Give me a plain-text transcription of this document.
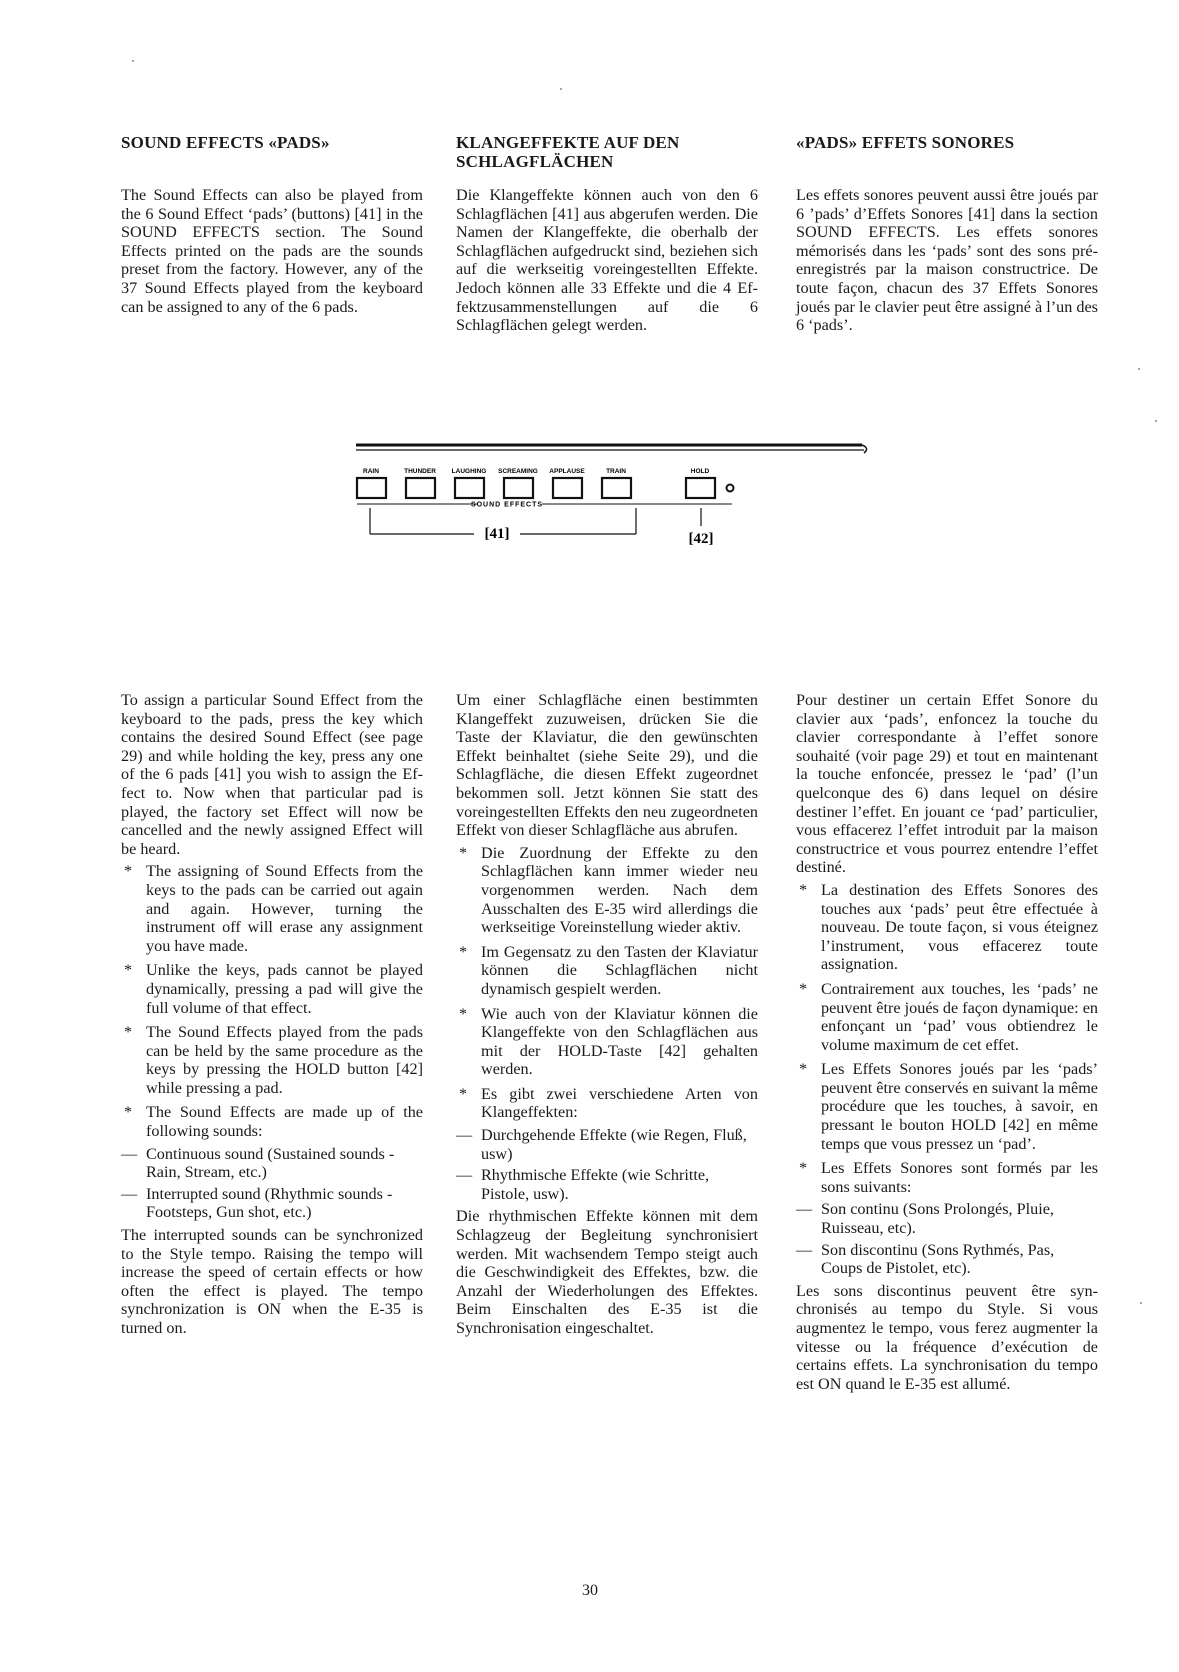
SOUND EFFECTS «PADS»

The Sound Effects can also be played from the 6 Sound Effect ‘pads’ (buttons) [41] in the SOUND EFFECTS section. The Sound Effects printed on the pads are the sounds preset from the factory. However, any of the 37 Sound Effects played from the keyboard can be assigned to any of the 6 pads.

To assign a particular Sound Effect from the keyboard to the pads, press the key which contains the desired Sound Effect (see page 29) and while holding the key, press any one of the 6 pads [41] you wish to assign the Effect to. Now when that particular pad is played, the factory set Effect will now be cancelled and the newly assigned Effect will be heard.

* The assigning of Sound Effects from the keys to the pads can be carried out again and again. However, turning the instrument off will erase any assignment you have made.
* Unlike the keys, pads cannot be played dynamically, pressing a pad will give the full volume of that effect.
* The Sound Effects played from the pads can be held by the same procedure as the keys by pressing the HOLD button [42] while pressing a pad.
* The Sound Effects are made up of the following sounds:
— Continuous sound (Sustained sounds - Rain, Stream, etc.)
— Interrupted sound (Rhythmic sounds - Footsteps, Gun shot, etc.)

The interrupted sounds can be synchronized to the Style tempo. Raising the tempo will increase the speed of certain effects or how often the effect is played. The tempo synchronization is ON when the E-35 is turned on.

KLANGEFFEKTE AUF DEN SCHLAGFLÄCHEN

Die Klangeffekte können auch von den 6 Schlagflächen [41] aus abgerufen werden. Die Namen der Klangeffekte, die oberhalb der Schlagflächen aufgedruckt sind, beziehen sich auf die werkseitig voreingestellten Effekte. Jedoch können alle 33 Effekte und die 4 Effektzusammenstellungen auf die 6 Schlagflächen gelegt werden.

Um einer Schlagfläche einen bestimmten Klangeffekt zuzuweisen, drücken Sie die Taste der Klaviatur, die den gewünschten Effekt beinhaltet (siehe Seite 29), und die Schlagfläche, die diesen Effekt zugeordnet bekommen soll. Jetzt können Sie statt des voreingestellten Effekts den neu zugeordneten Effekt von dieser Schlagfläche aus abrufen.

* Die Zuordnung der Effekte zu den Schlagflächen kann immer wieder neu vorgenommen werden. Nach dem Ausschalten des E-35 wird allerdings die werkseitige Voreinstellung wieder aktiv.
* Im Gegensatz zu den Tasten der Klaviatur können die Schlagflächen nicht dynamisch gespielt werden.
* Wie auch von der Klaviatur können die Klangeffekte von den Schlagflächen aus mit der HOLD-Taste [42] gehalten werden.
* Es gibt zwei verschiedene Arten von Klangeffekten:
— Durchgehende Effekte (wie Regen, Fluß, usw)
— Rhythmische Effekte (wie Schritte, Pistole, usw).

Die rhythmischen Effekte können mit dem Schlagzeug der Begleitung synchronisiert werden. Mit wachsendem Tempo steigt auch die Geschwindigkeit des Effektes, bzw. die Anzahl der Wiederholungen des Effektes. Beim Einschalten des E-35 ist die Synchronisation eingeschaltet.

«PADS» EFFETS SONORES

Les effets sonores peuvent aussi être joués par 6 ’pads’ d’Effets Sonores [41] dans la section SOUND EFFECTS. Les effets sonores mémorisés dans les ‘pads’ sont des sons pré-enregistrés par la maison constructrice. De toute façon, chacun des 37 Effets Sonores joués par le clavier peut être assigné à l’un des 6 ‘pads’.

Pour destiner un certain Effet Sonore du clavier aux ‘pads’, enfoncez la touche du clavier correspondante à l’effet sonore souhaité (voir page 29) et tout en maintenant la touche enfoncée, pressez le ‘pad’ (l’un quelconque des 6) dans lequel on désire destiner l’effet. En jouant ce ‘pad’ particulier, vous effacerez l’effet introduit par la maison constructrice et vous pourrez entendre l’effet destiné.

* La destination des Effets Sonores des touches aux ‘pads’ peut être effectuée à nouveau. De toute façon, si vous éteignez l’instrument, vous effacerez toute assignation.
* Contrairement aux touches, les ‘pads’ ne peuvent être joués de façon dynamique: en enfonçant un ‘pad’ vous obtiendrez le volume maximum de cet effet.
* Les Effets Sonores joués par les ‘pads’ peuvent être conservés en suivant la même procédure que les touches, à savoir, en pressant le bouton HOLD [42] en même temps que vous pressez un ‘pad’.
* Les Effets Sonores sont formés par les sons suivants:
— Son continu (Sons Prolongés, Pluie, Ruisseau, etc).
— Son discontinu (Sons Rythmés, Pas, Coups de Pistolet, etc).

Les sons discontinus peuvent être synchronisés au tempo du Style. Si vous augmentez le tempo, vous ferez augmenter la vitesse ou la fréquence d’exécution de certains effets. La synchronisation du tempo est ON quand le E-35 est allumé.

RAIN	THUNDER LAUGHING SCREAMING APPLAUSE	TRAIN	HOLD
SOUND EFFECTS
[41]	[42]
30
